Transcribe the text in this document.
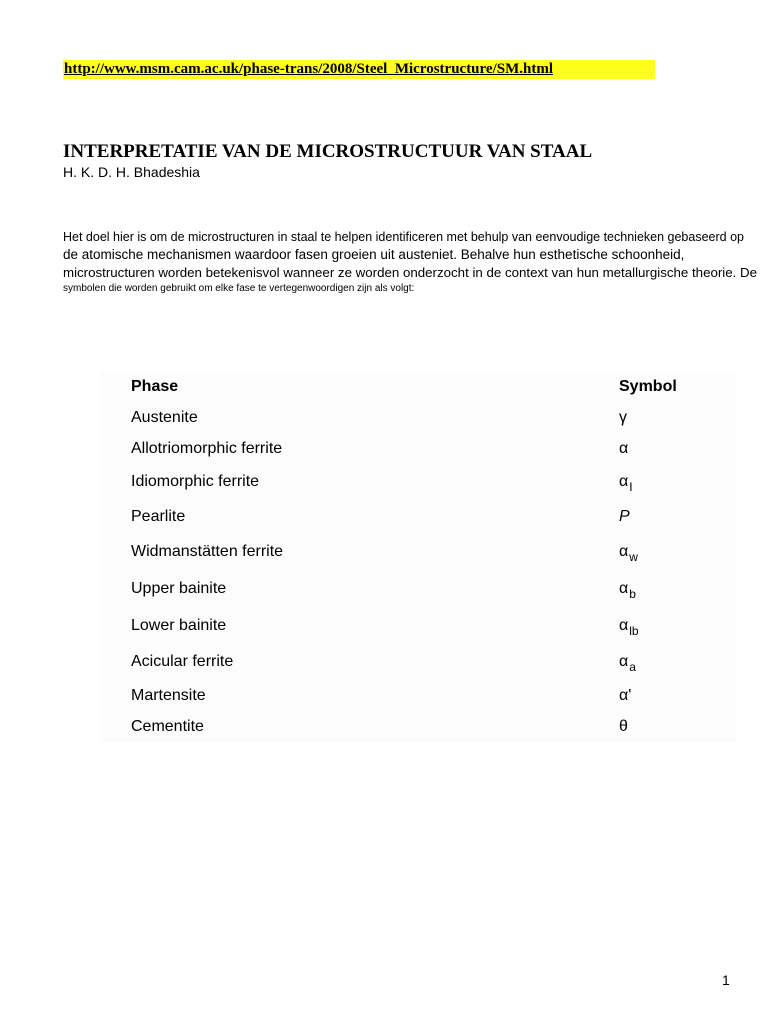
http://www.msm.cam.ac.uk/phase-trans/2008/Steel_Microstructure/SM.html
INTERPRETATIE VAN DE MICROSTRUCTUUR VAN STAAL
H. K. D. H. Bhadeshia
Het doel hier is om de microstructuren in staal te helpen identificeren met behulp van eenvoudige technieken gebaseerd op
de atomische mechanismen waardoor fasen groeien uit austeniet. Behalve hun esthetische schoonheid,
microstructuren worden betekenisvol wanneer ze worden onderzocht in de context van hun metallurgische theorie. De
symbolen die worden gebruikt om elke fase te vertegenwoordigen zijn als volgt:
Phase	Symbol
Austenite	γ
Allotriomorphic ferrite	α
Idiomorphic ferrite	$\alpha_I$
Pearlite	P
Widmanstätten ferrite	$\alpha_w$
Upper bainite	$\alpha_b$
Lower bainite	$\alpha_{lb}$
Acicular ferrite	$\alpha_a$
Martensite	α'
Cementite	θ
1
